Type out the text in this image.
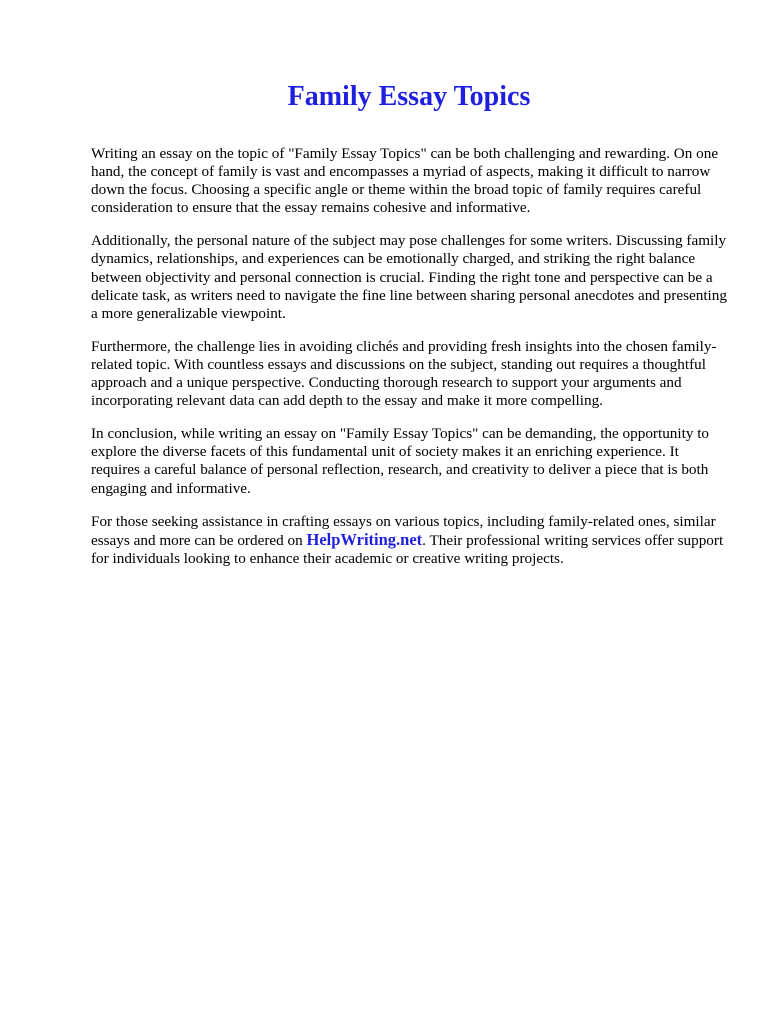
Family Essay Topics

Writing an essay on the topic of "Family Essay Topics" can be both challenging and rewarding. On one hand, the concept of family is vast and encompasses a myriad of aspects, making it difficult to narrow down the focus. Choosing a specific angle or theme within the broad topic of family requires careful consideration to ensure that the essay remains cohesive and informative.

Additionally, the personal nature of the subject may pose challenges for some writers. Discussing family dynamics, relationships, and experiences can be emotionally charged, and striking the right balance between objectivity and personal connection is crucial. Finding the right tone and perspective can be a delicate task, as writers need to navigate the fine line between sharing personal anecdotes and presenting a more generalizable viewpoint.

Furthermore, the challenge lies in avoiding clichés and providing fresh insights into the chosen family-related topic. With countless essays and discussions on the subject, standing out requires a thoughtful approach and a unique perspective. Conducting thorough research to support your arguments and incorporating relevant data can add depth to the essay and make it more compelling.

In conclusion, while writing an essay on "Family Essay Topics" can be demanding, the opportunity to explore the diverse facets of this fundamental unit of society makes it an enriching experience. It requires a careful balance of personal reflection, research, and creativity to deliver a piece that is both engaging and informative.

For those seeking assistance in crafting essays on various topics, including family-related ones, similar essays and more can be ordered on HelpWriting.net. Their professional writing services offer support for individuals looking to enhance their academic or creative writing projects.
